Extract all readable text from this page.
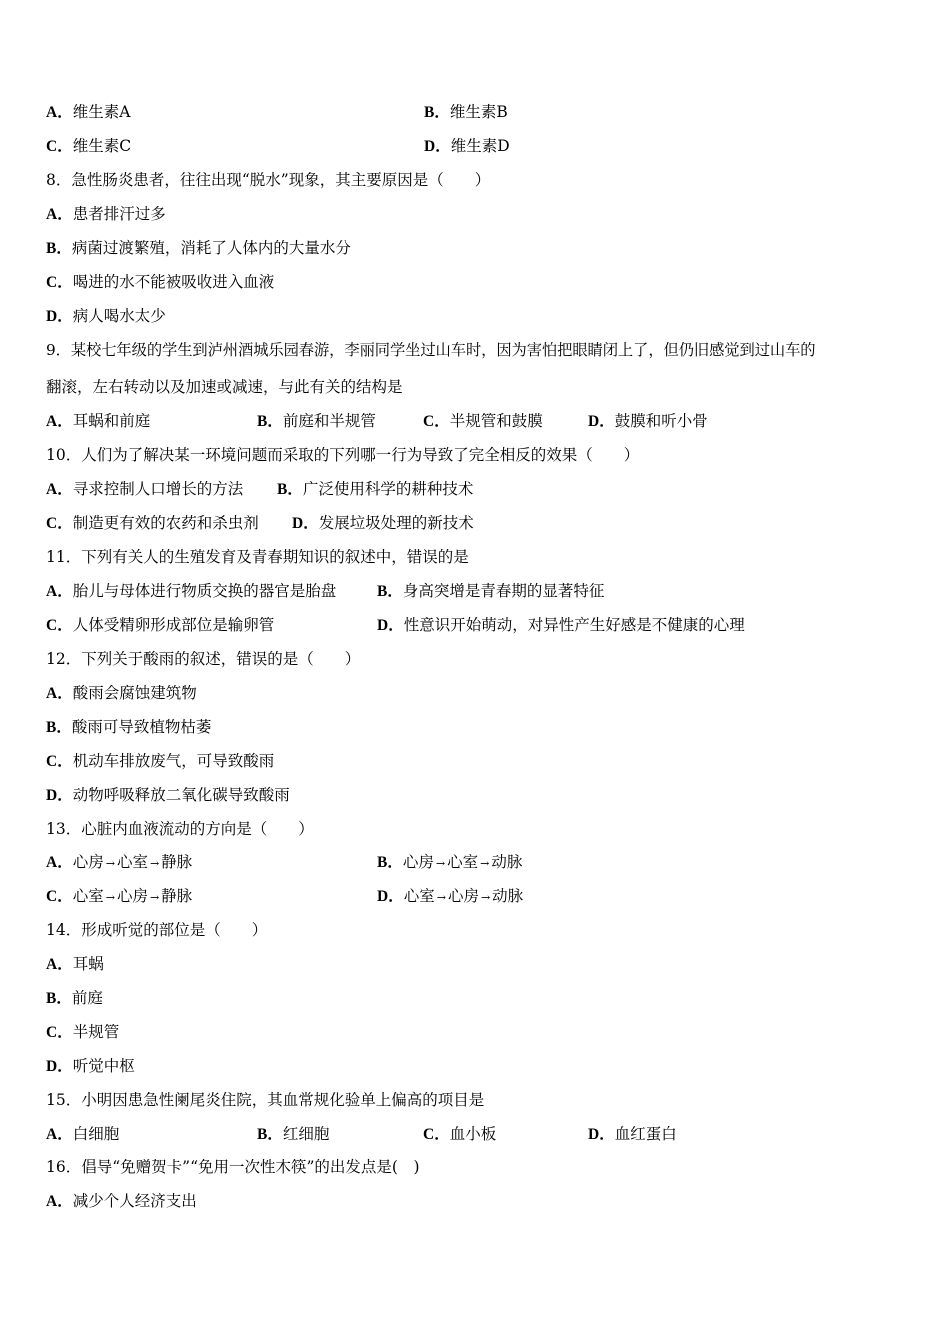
A．维生素A	B．维生素B
C．维生素C	D．维生素D
8．急性肠炎患者，往往出现“脱水”现象，其主要原因是（　　）
A．患者排汗过多
B．病菌过渡繁殖，消耗了人体内的大量水分
C．喝进的水不能被吸收进入血液
D．病人喝水太少
9．某校七年级的学生到泸州酒城乐园春游，李丽同学坐过山车时，因为害怕把眼睛闭上了，但仍旧感觉到过山车的
翻滚，左右转动以及加速或减速，与此有关的结构是
A．耳蜗和前庭	B．前庭和半规管	C．半规管和鼓膜	D．鼓膜和听小骨
10．人们为了解决某一环境问题而采取的下列哪一行为导致了完全相反的效果（　　）
A．寻求控制人口增长的方法 B．广泛使用科学的耕种技术
C．制造更有效的农药和杀虫剂 D．发展垃圾处理的新技术
11．下列有关人的生殖发育及青春期知识的叙述中，错误的是
A．胎儿与母体进行物质交换的器官是胎盘	B．身高突增是青春期的显著特征
C．人体受精卵形成部位是输卵管	D．性意识开始萌动，对异性产生好感是不健康的心理
12．下列关于酸雨的叙述，错误的是（　　）
A．酸雨会腐蚀建筑物
B．酸雨可导致植物枯萎
C．机动车排放废气，可导致酸雨
D．动物呼吸释放二氧化碳导致酸雨
13．心脏内血液流动的方向是（　　）
A．心房 → 心室 → 静脉	B．心房 → 心室 → 动脉
C．心室 → 心房 → 静脉	D．心室 → 心房 → 动脉
14．形成听觉的部位是（　　）
A．耳蜗
B．前庭
C．半规管
D．听觉中枢
15．小明因患急性阑尾炎住院，其血常规化验单上偏高的项目是
A．白细胞	B．红细胞	C．血小板	D．血红蛋白
16．倡导“免赠贺卡”“免用一次性木筷”的出发点是(　)
A．减少个人经济支出
